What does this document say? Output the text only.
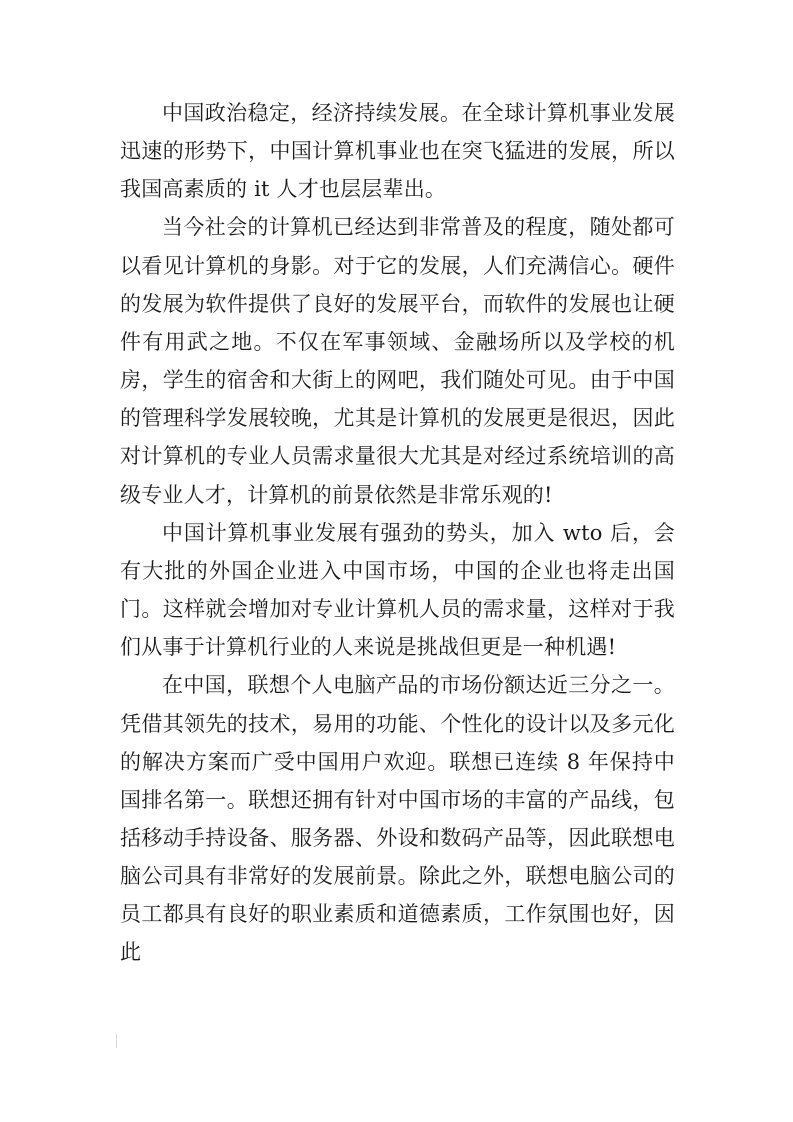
中国政治稳定，经济持续发展。在全球计算机事业发展迅速的形势下，中国计算机事业也在突飞猛进的发展，所以我国高素质的 it 人才也层层辈出。

当今社会的计算机已经达到非常普及的程度，随处都可以看见计算机的身影。对于它的发展，人们充满信心。硬件的发展为软件提供了良好的发展平台，而软件的发展也让硬件有用武之地。不仅在军事领域、金融场所以及学校的机房，学生的宿舍和大街上的网吧，我们随处可见。由于中国的管理科学发展较晚，尤其是计算机的发展更是很迟，因此对计算机的专业人员需求量很大尤其是对经过系统培训的高级专业人才，计算机的前景依然是非常乐观的!

中国计算机事业发展有强劲的势头，加入 wto 后，会有大批的外国企业进入中国市场，中国的企业也将走出国门。这样就会增加对专业计算机人员的需求量，这样对于我们从事于计算机行业的人来说是挑战但更是一种机遇!

在中国，联想个人电脑产品的市场份额达近三分之一。凭借其领先的技术，易用的功能、个性化的设计以及多元化的解决方案而广受中国用户欢迎。联想已连续 8 年保持中国排名第一。联想还拥有针对中国市场的丰富的产品线，包括移动手持设备、服务器、外设和数码产品等，因此联想电脑公司具有非常好的发展前景。除此之外，联想电脑公司的员工都具有良好的职业素质和道德素质，工作氛围也好，因此
